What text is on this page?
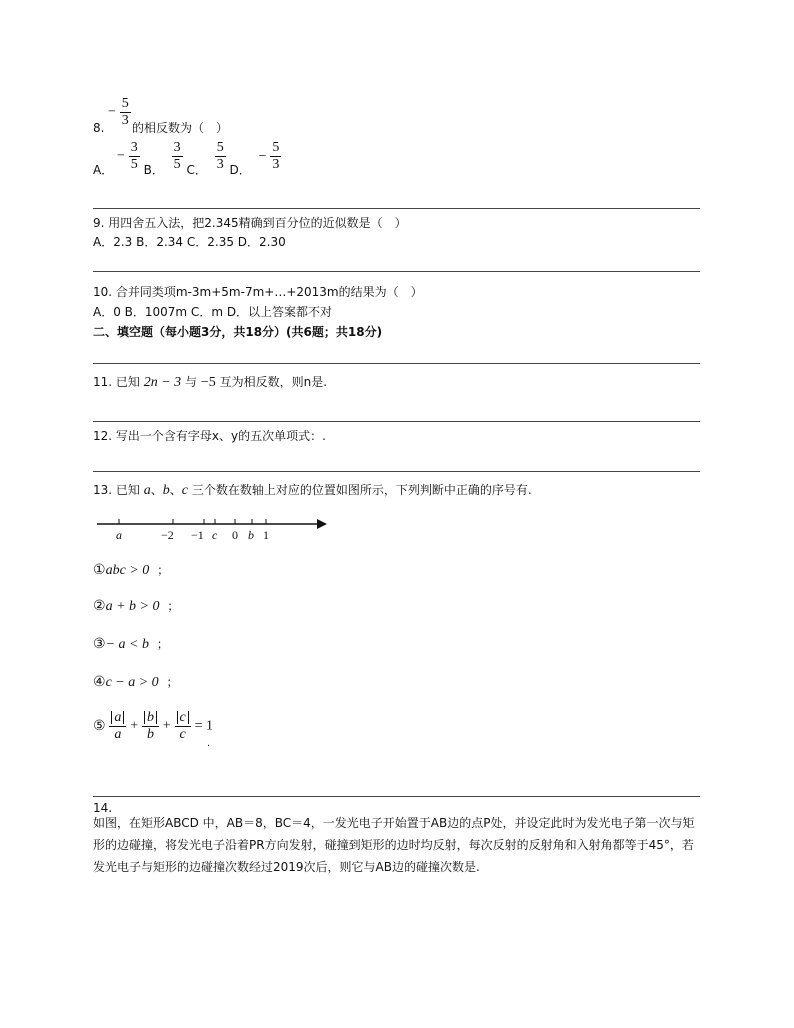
− $\frac{5}{3}$
8. 的相反数为（　）
A． − $\frac{3}{5}$ B． $\frac{3}{5}$ C． $\frac{5}{3}$ D． − $\frac{5}{3}$
9. 用四舍五入法，把2.345精确到百分位的近似数是（　）
A．2.3 B．2.34 C．2.35 D．2.30
10. 合并同类项m-3m+5m-7m+…+2013m的结果为（　）
A．0 B．1007m C．m D．以上答案都不对
二、填空题（每小题3分，共18分）(共6题；共18分)
11. 已知 2n − 3 与 −5 互为相反数，则n是.
12. 写出一个含有字母x、y的五次单项式：.
13. 已知 a、b、c 三个数在数轴上对应的位置如图所示，下列判断中正确的序号有.
a	−2 −1 c 0 b 1
①abc > 0 ；
②a + b > 0 ；
③− a < b ；
④c − a > 0 ；
⑤ $\frac{a}{a} + \frac{b}{b} + \frac{c}{c} = 1$
.
14.
如图，在矩形ABCD 中，AB＝8，BC＝4，一发光电子开始置于AB边的点P处，并设定此时为发光电子第一次与矩形的边碰撞，将发光电子沿着PR方向发射，碰撞到矩形的边时均反射，每次反射的反射角和入射角都等于45°，若发光电子与矩形的边碰撞次数经过2019次后，则它与AB边的碰撞次数是.
